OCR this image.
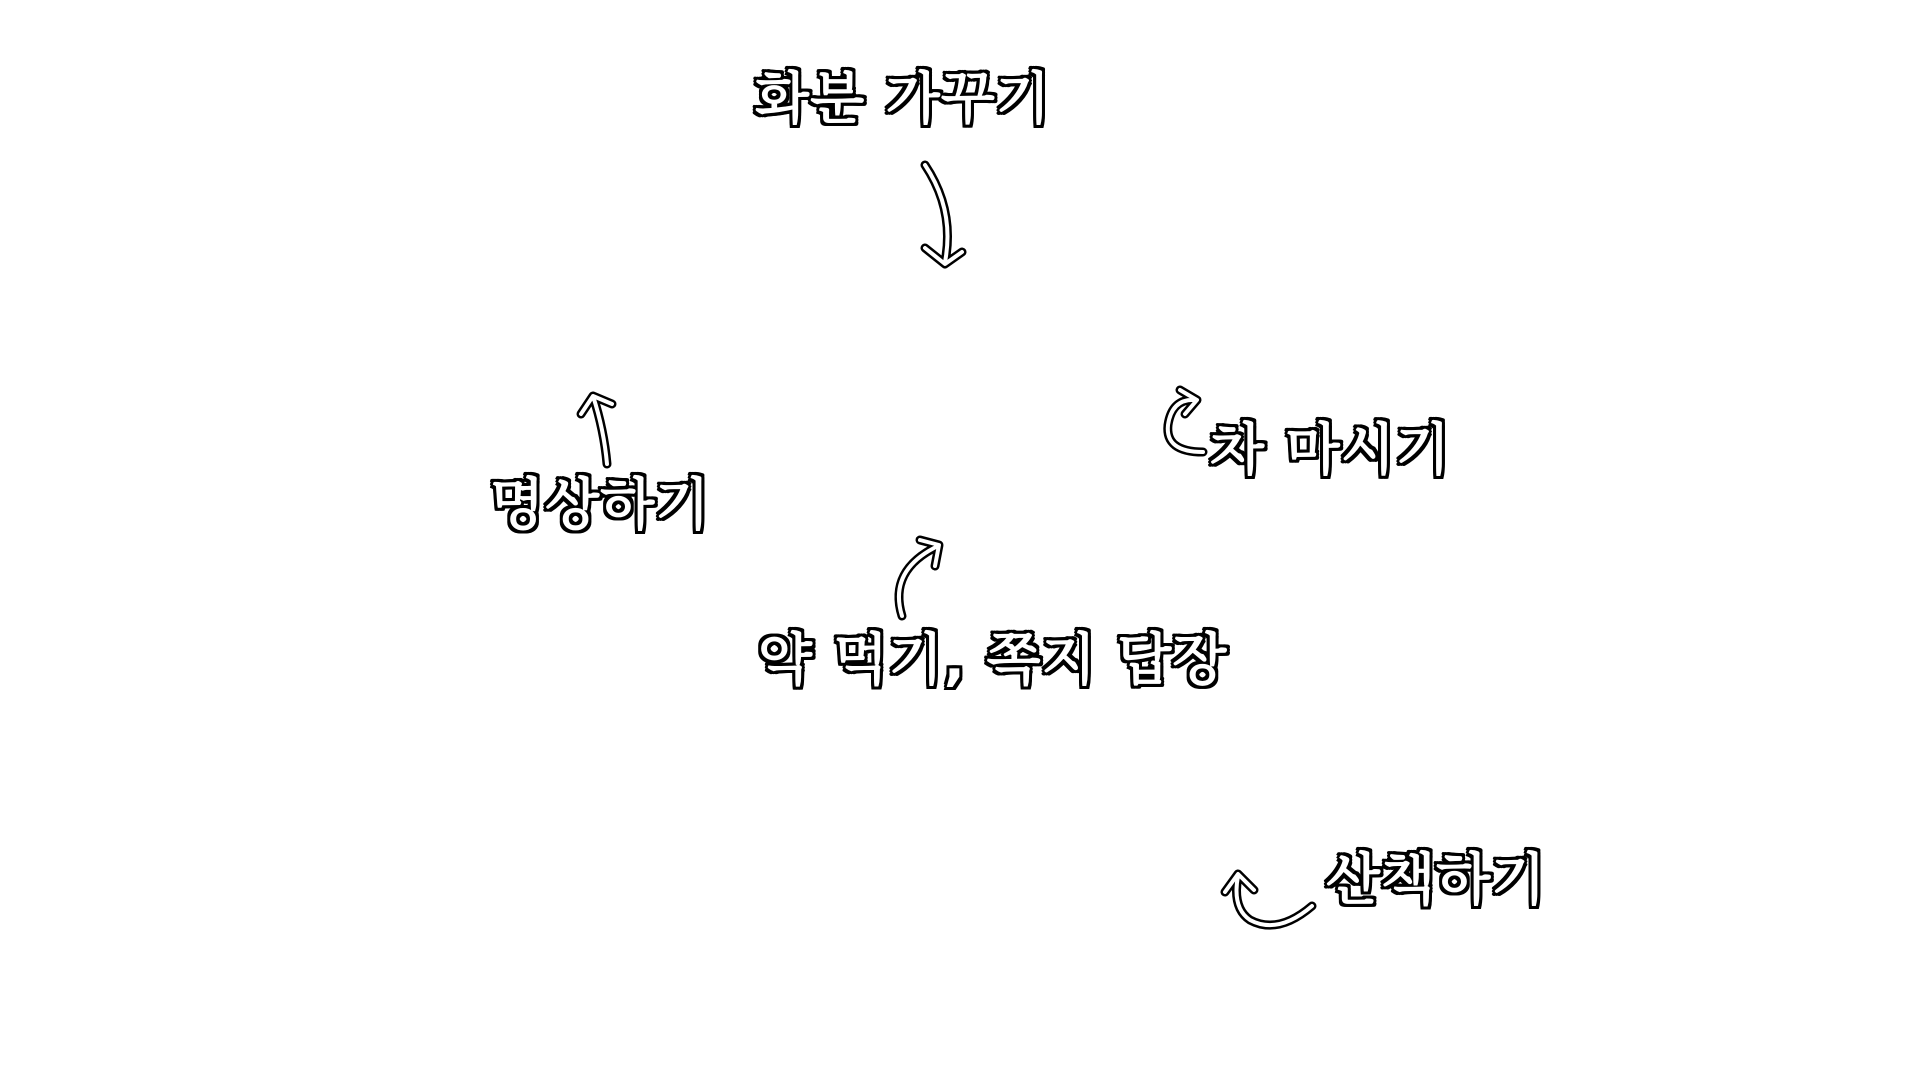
화분 가꾸기
차 마시기
명상하기
약 먹기, 쪽지 답장
산책하기
